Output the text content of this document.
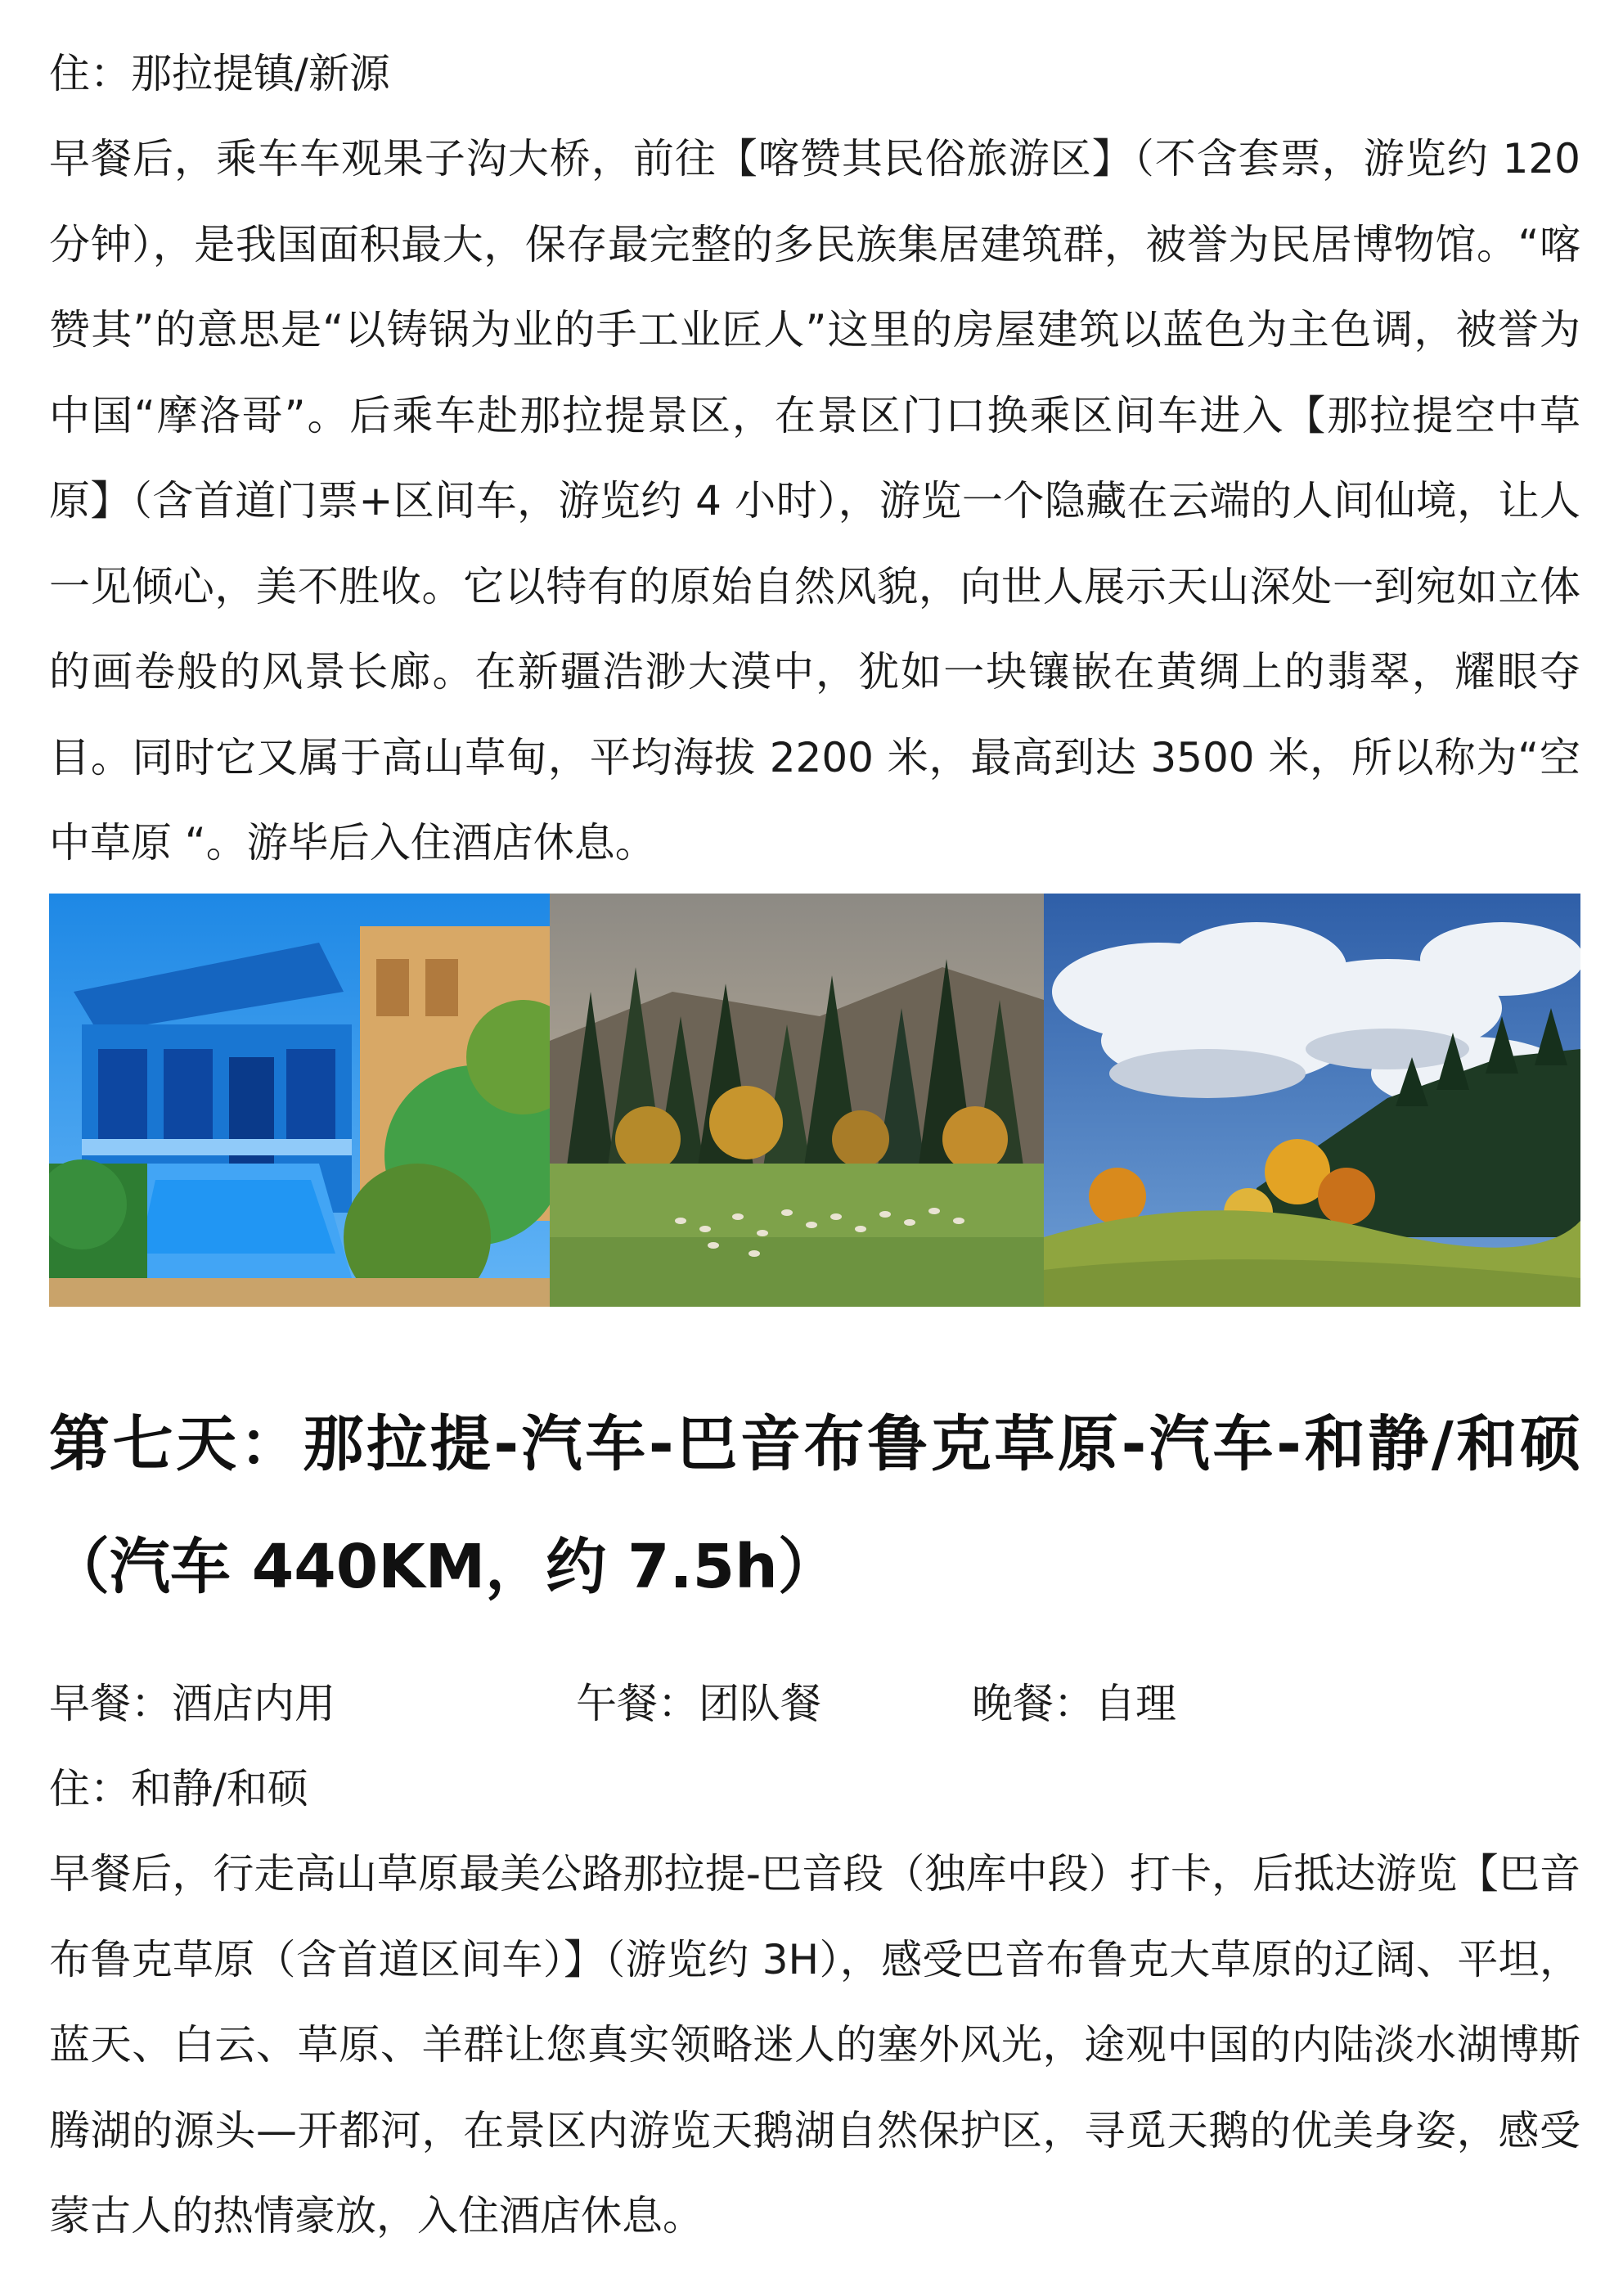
住：那拉提镇/新源
早餐后，乘车车观果子沟大桥，前往【喀赞其民俗旅游区】（不含套票，游览约 120 分钟），是我国面积最大，保存最完整的多民族集居建筑群，被誉为民居博物馆。“喀赞其”的意思是“以铸锅为业的手工业匠人”这里的房屋建筑以蓝色为主色调，被誉为中国“摩洛哥”。后乘车赴那拉提景区，在景区门口换乘区间车进入【那拉提空中草原】（含首道门票+区间车，游览约 4 小时），游览一个隐藏在云端的人间仙境，让人一见倾心，美不胜收。它以特有的原始自然风貌，向世人展示天山深处一到宛如立体的画卷般的风景长廊。在新疆浩渺大漠中，犹如一块镶嵌在黄绸上的翡翠，耀眼夺目。同时它又属于高山草甸，平均海拔 2200 米，最高到达 3500 米，所以称为“空中草原 “。游毕后入住酒店休息。
第七天：那拉提-汽车-巴音布鲁克草原-汽车-和静/和硕（汽车 440KM，约 7.5h）
早餐：酒店内用	午餐：团队餐	晚餐：自理
住：和静/和硕
早餐后，行走高山草原最美公路那拉提-巴音段（独库中段）打卡，后抵达游览【巴音布鲁克草原（含首道区间车）】（游览约 3H），感受巴音布鲁克大草原的辽阔、平坦，蓝天、白云、草原、羊群让您真实领略迷人的塞外风光，途观中国的内陆淡水湖博斯腾湖的源头—开都河，在景区内游览天鹅湖自然保护区，寻觅天鹅的优美身姿，感受蒙古人的热情豪放，入住酒店休息。
